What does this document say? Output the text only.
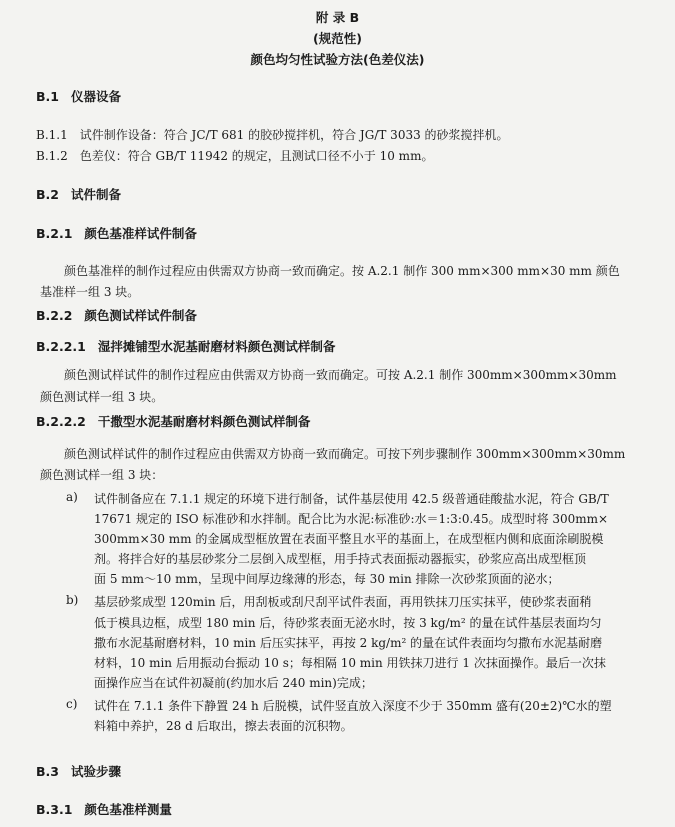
附 录 B
(规范性)
颜色均匀性试验方法(色差仪法)
B.1 仪器设备
B.1.1 试件制作设备：符合 JC/T 681 的胶砂搅拌机，符合 JG/T 3033 的砂浆搅拌机。
B.1.2 色差仪：符合 GB/T 11942 的规定，且测试口径不小于 10 mm。
B.2 试件制备
B.2.1 颜色基准样试件制备
颜色基准样的制作过程应由供需双方协商一致而确定。按 A.2.1 制作 300 mm×300 mm×30 mm 颜色
基准样一组 3 块。
B.2.2 颜色测试样试件制备
B.2.2.1 湿拌摊铺型水泥基耐磨材料颜色测试样制备
颜色测试样试件的制作过程应由供需双方协商一致而确定。可按 A.2.1 制作 300mm×300mm×30mm
颜色测试样一组 3 块。
B.2.2.2 干撒型水泥基耐磨材料颜色测试样制备
颜色测试样试件的制作过程应由供需双方协商一致而确定。可按下列步骤制作 300mm×300mm×30mm
颜色测试样一组 3 块：
a) 试件制备应在 7.1.1 规定的环境下进行制备，试件基层使用 42.5 级普通硅酸盐水泥，符合 GB/T
17671 规定的 ISO 标准砂和水拌制。配合比为水泥:标准砂:水＝1:3:0.45。成型时将 300mm×
300mm×30 mm 的金属成型框放置在表面平整且水平的基面上，在成型框内侧和底面涂刷脱模
剂。将拌合好的基层砂浆分二层倒入成型框，用手持式表面振动器振实，砂浆应高出成型框顶
面 5 mm～10 mm，呈现中间厚边缘薄的形态，每 30 min 排除一次砂浆顶面的泌水；
b) 基层砂浆成型 120min 后，用刮板或刮尺刮平试件表面，再用铁抹刀压实抹平，使砂浆表面稍
低于模具边框，成型 180 min 后，待砂浆表面无泌水时，按 3 kg/m² 的量在试件基层表面均匀
撒布水泥基耐磨材料，10 min 后压实抹平，再按 2 kg/m² 的量在试件表面均匀撒布水泥基耐磨
材料，10 min 后用振动台振动 10 s；每相隔 10 min 用铁抹刀进行 1 次抹面操作。最后一次抹
面操作应当在试件初凝前(约加水后 240 min)完成；
c) 试件在 7.1.1 条件下静置 24 h 后脱模，试件竖直放入深度不少于 350mm 盛有(20±2)℃水的塑
料箱中养护，28 d 后取出，擦去表面的沉积物。
B.3 试验步骤
B.3.1 颜色基准样测量
